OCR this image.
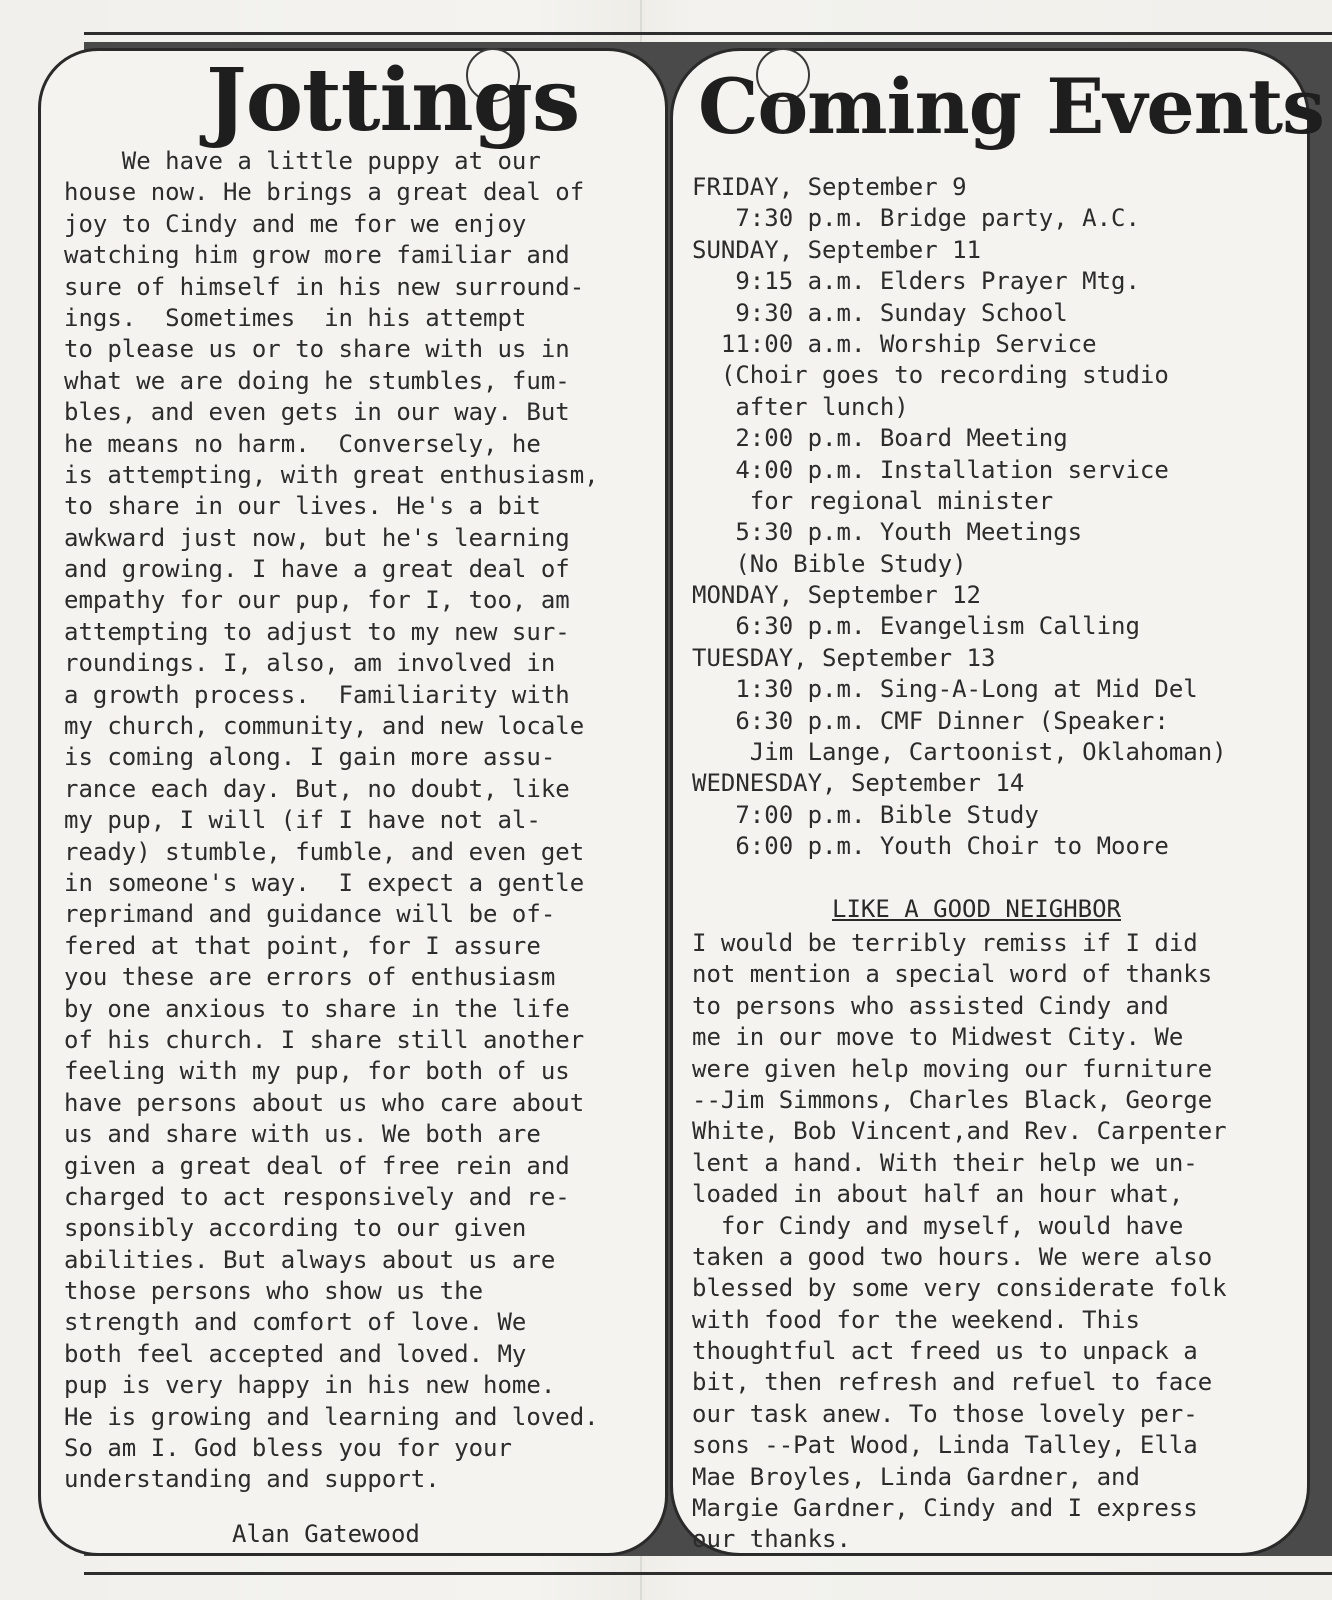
Jottings
We have a little puppy at our
house now. He brings a great deal of
joy to Cindy and me for we enjoy
watching him grow more familiar and
sure of himself in his new surround-
ings.  Sometimes  in his attempt
to please us or to share with us in
what we are doing he stumbles, fum-
bles, and even gets in our way. But
he means no harm.  Conversely, he
is attempting, with great enthusiasm,
to share in our lives. He's a bit
awkward just now, but he's learning
and growing. I have a great deal of
empathy for our pup, for I, too, am
attempting to adjust to my new sur-
roundings. I, also, am involved in
a growth process.  Familiarity with
my church, community, and new locale
is coming along. I gain more assu-
rance each day. But, no doubt, like
my pup, I will (if I have not al-
ready) stumble, fumble, and even get
in someone's way.  I expect a gentle
reprimand and guidance will be of-
fered at that point, for I assure
you these are errors of enthusiasm
by one anxious to share in the life
of his church. I share still another
feeling with my pup, for both of us
have persons about us who care about
us and share with us. We both are
given a great deal of free rein and
charged to act responsively and re-
sponsibly according to our given
abilities. But always about us are
those persons who show us the
strength and comfort of love. We
both feel accepted and loved. My
pup is very happy in his new home.
He is growing and learning and loved.
So am I. God bless you for your
understanding and support.
Alan Gatewood
Coming Events
FRIDAY, September 9
7:30 p.m. Bridge party, A.C.
SUNDAY, September 11
9:15 a.m. Elders Prayer Mtg.
9:30 a.m. Sunday School
11:00 a.m. Worship Service
(Choir goes to recording studio
after lunch)
2:00 p.m. Board Meeting
4:00 p.m. Installation service
for regional minister
5:30 p.m. Youth Meetings
(No Bible Study)
MONDAY, September 12
6:30 p.m. Evangelism Calling
TUESDAY, September 13
1:30 p.m. Sing-A-Long at Mid Del
6:30 p.m. CMF Dinner (Speaker:
Jim Lange, Cartoonist, Oklahoman)
WEDNESDAY, September 14
7:00 p.m. Bible Study
6:00 p.m. Youth Choir to Moore
LIKE A GOOD NEIGHBOR
I would be terribly remiss if I did
not mention a special word of thanks
to persons who assisted Cindy and
me in our move to Midwest City. We
were given help moving our furniture
--Jim Simmons, Charles Black, George
White, Bob Vincent,and Rev. Carpenter
lent a hand. With their help we un-
loaded in about half an hour what,
for Cindy and myself, would have
taken a good two hours. We were also
blessed by some very considerate folk
with food for the weekend. This
thoughtful act freed us to unpack a
bit, then refresh and refuel to face
our task anew. To those lovely per-
sons --Pat Wood, Linda Talley, Ella
Mae Broyles, Linda Gardner, and
Margie Gardner, Cindy and I express
our thanks.
